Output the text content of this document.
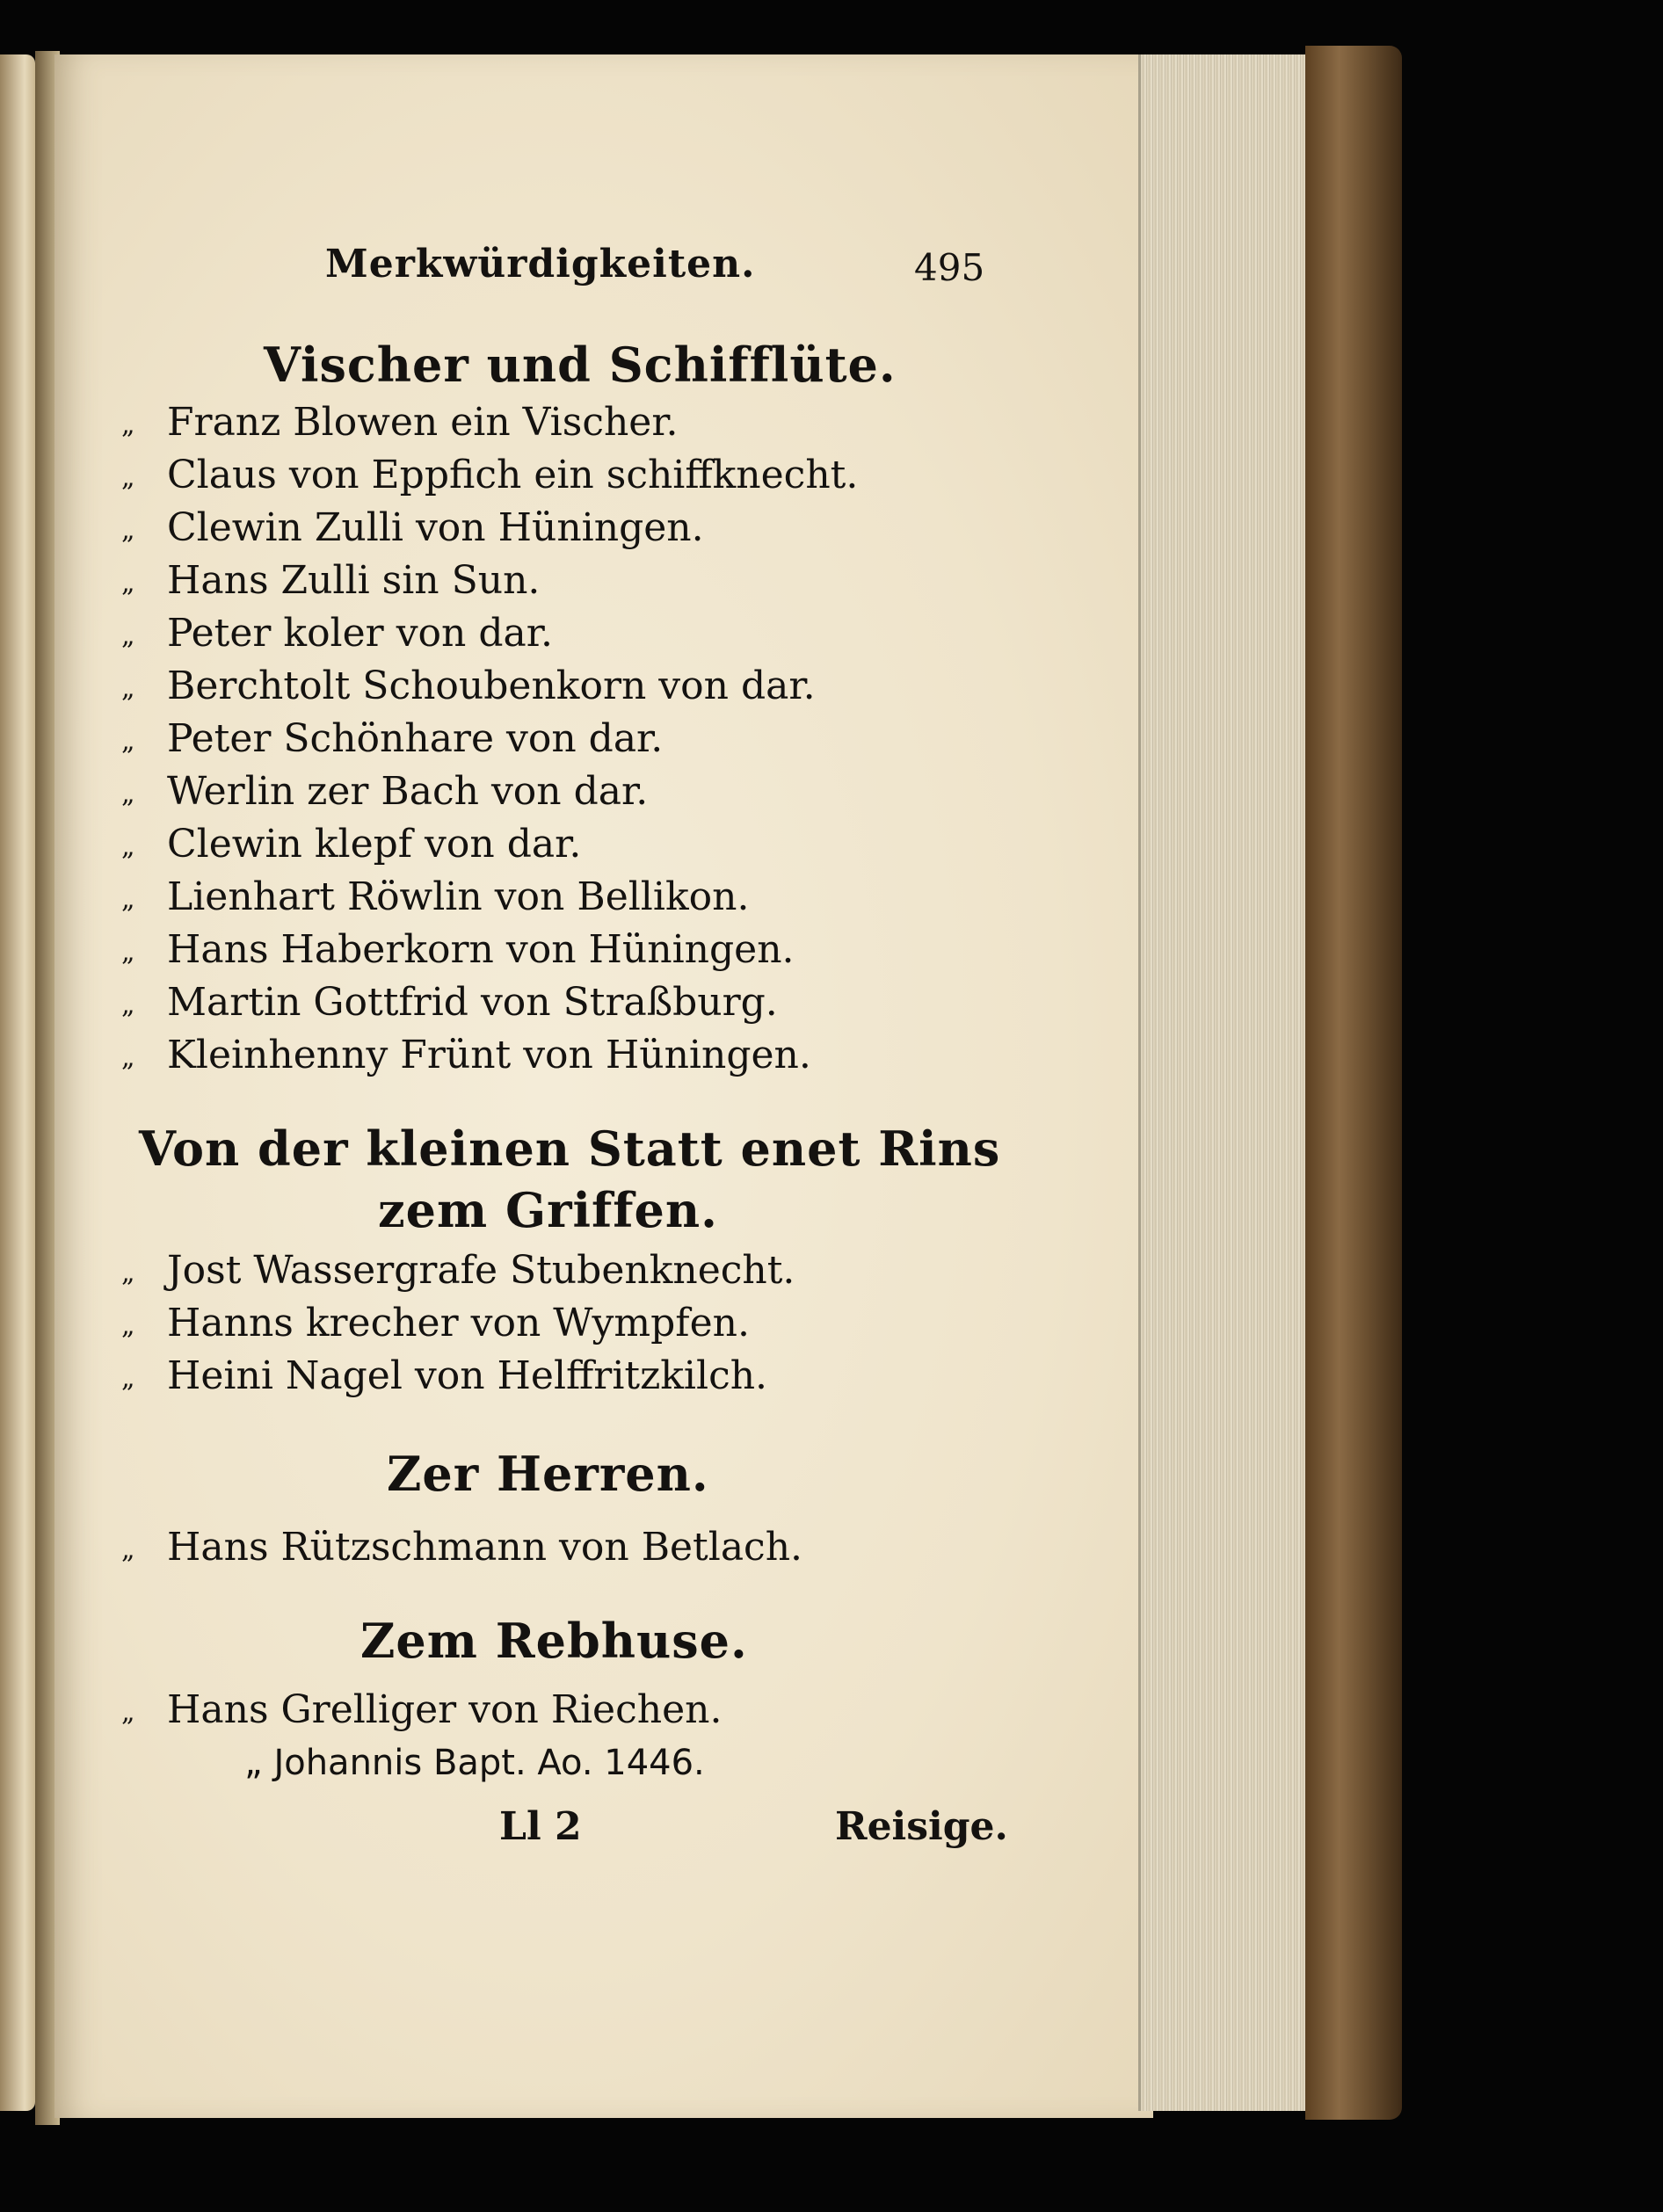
Merkwürdigkeiten.	495
Vischer und Schifflüte.
„ Franz Blowen ein Vischer.
„ Claus von Eppfich ein schiffknecht.
„ Clewin Zulli von Hüningen.
„ Hans Zulli sin Sun.
„ Peter koler von dar.
„ Berchtolt Schoubenkorn von dar.
„ Peter Schönhare von dar.
„ Werlin zer Bach von dar.
„ Clewin klepf von dar.
„ Lienhart Röwlin von Bellikon.
„ Hans Haberkorn von Hüningen.
„ Martin Gottfrid von Straßburg.
„ Kleinhenny Frünt von Hüningen.
Von der kleinen Statt enet Rins
zem Griffen.
„ Jost Wassergrafe Stubenknecht.
„ Hanns krecher von Wympfen.
„ Heini Nagel von Helffritzkilch.
Zer Herren.
„ Hans Rützschmann von Betlach.
Zem Rebhuse.
„ Hans Grelliger von Riechen.
„ Johannis Bapt. Ao. 1446.
Ll 2	Reisige.
